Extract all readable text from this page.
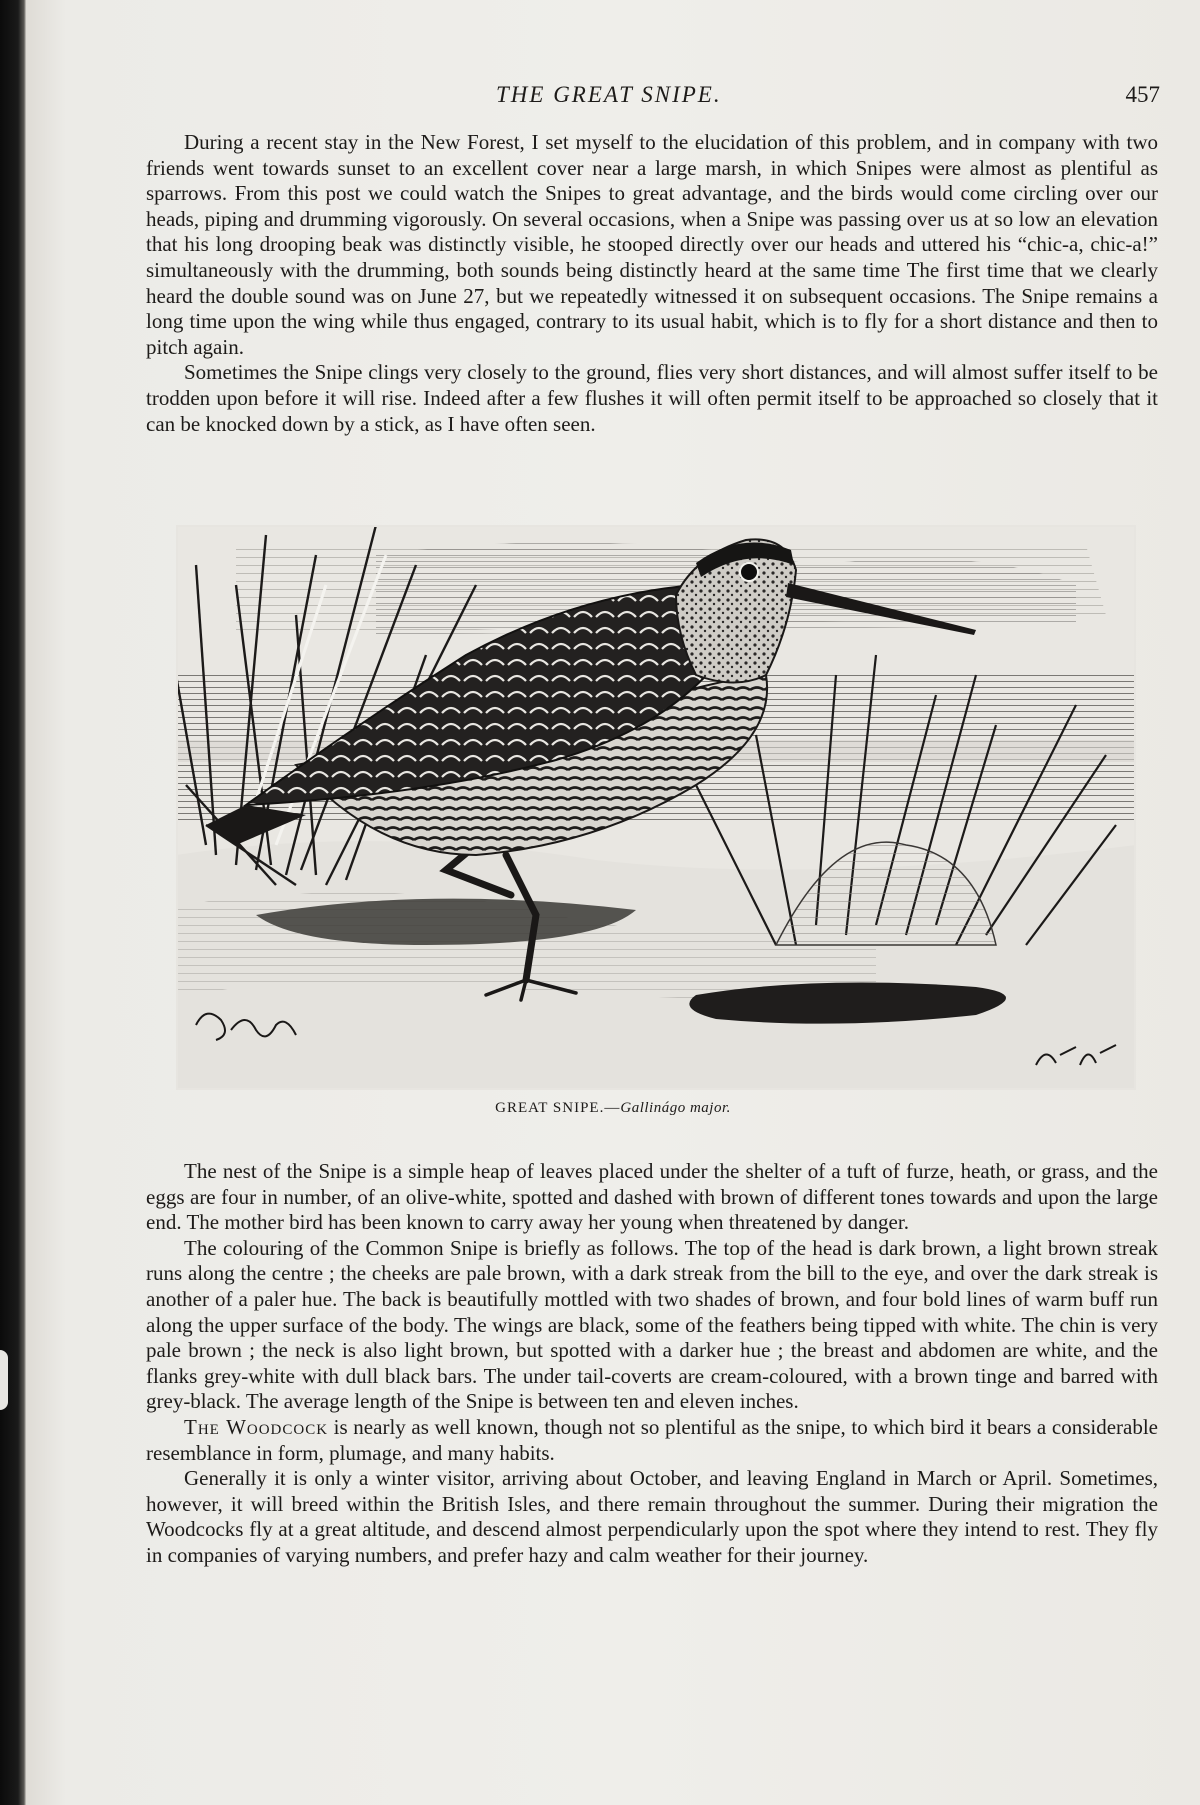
THE GREAT SNIPE.	457

During a recent stay in the New Forest, I set myself to the elucidation of this problem, and in company with two friends went towards sunset to an excellent cover near a large marsh, in which Snipes were almost as plentiful as sparrows. From this post we could watch the Snipes to great advantage, and the birds would come circling over our heads, piping and drumming vigorously. On several occasions, when a Snipe was passing over us at so low an elevation that his long drooping beak was distinctly visible, he stooped directly over our heads and uttered his “chic-a, chic-a!” simultaneously with the drumming, both sounds being distinctly heard at the same time The first time that we clearly heard the double sound was on June 27, but we repeatedly witnessed it on subsequent occasions. The Snipe remains a long time upon the wing while thus engaged, contrary to its usual habit, which is to fly for a short distance and then to pitch again.

Sometimes the Snipe clings very closely to the ground, flies very short distances, and will almost suffer itself to be trodden upon before it will rise. Indeed after a few flushes it will often permit itself to be approached so closely that it can be knocked down by a stick, as I have often seen.

GREAT SNIPE.—Gallinágo major.

The nest of the Snipe is a simple heap of leaves placed under the shelter of a tuft of furze, heath, or grass, and the eggs are four in number, of an olive-white, spotted and dashed with brown of different tones towards and upon the large end. The mother bird has been known to carry away her young when threatened by danger.

The colouring of the Common Snipe is briefly as follows. The top of the head is dark brown, a light brown streak runs along the centre ; the cheeks are pale brown, with a dark streak from the bill to the eye, and over the dark streak is another of a paler hue. The back is beautifully mottled with two shades of brown, and four bold lines of warm buff run along the upper surface of the body. The wings are black, some of the feathers being tipped with white. The chin is very pale brown ; the neck is also light brown, but spotted with a darker hue ; the breast and abdomen are white, and the flanks grey-white with dull black bars. The under tail-coverts are cream-coloured, with a brown tinge and barred with grey-black. The average length of the Snipe is between ten and eleven inches.

The Woodcock is nearly as well known, though not so plentiful as the snipe, to which bird it bears a considerable resemblance in form, plumage, and many habits.

Generally it is only a winter visitor, arriving about October, and leaving England in March or April. Sometimes, however, it will breed within the British Isles, and there remain throughout the summer. During their migration the Woodcocks fly at a great altitude, and descend almost perpendicularly upon the spot where they intend to rest. They fly in companies of varying numbers, and prefer hazy and calm weather for their journey.
